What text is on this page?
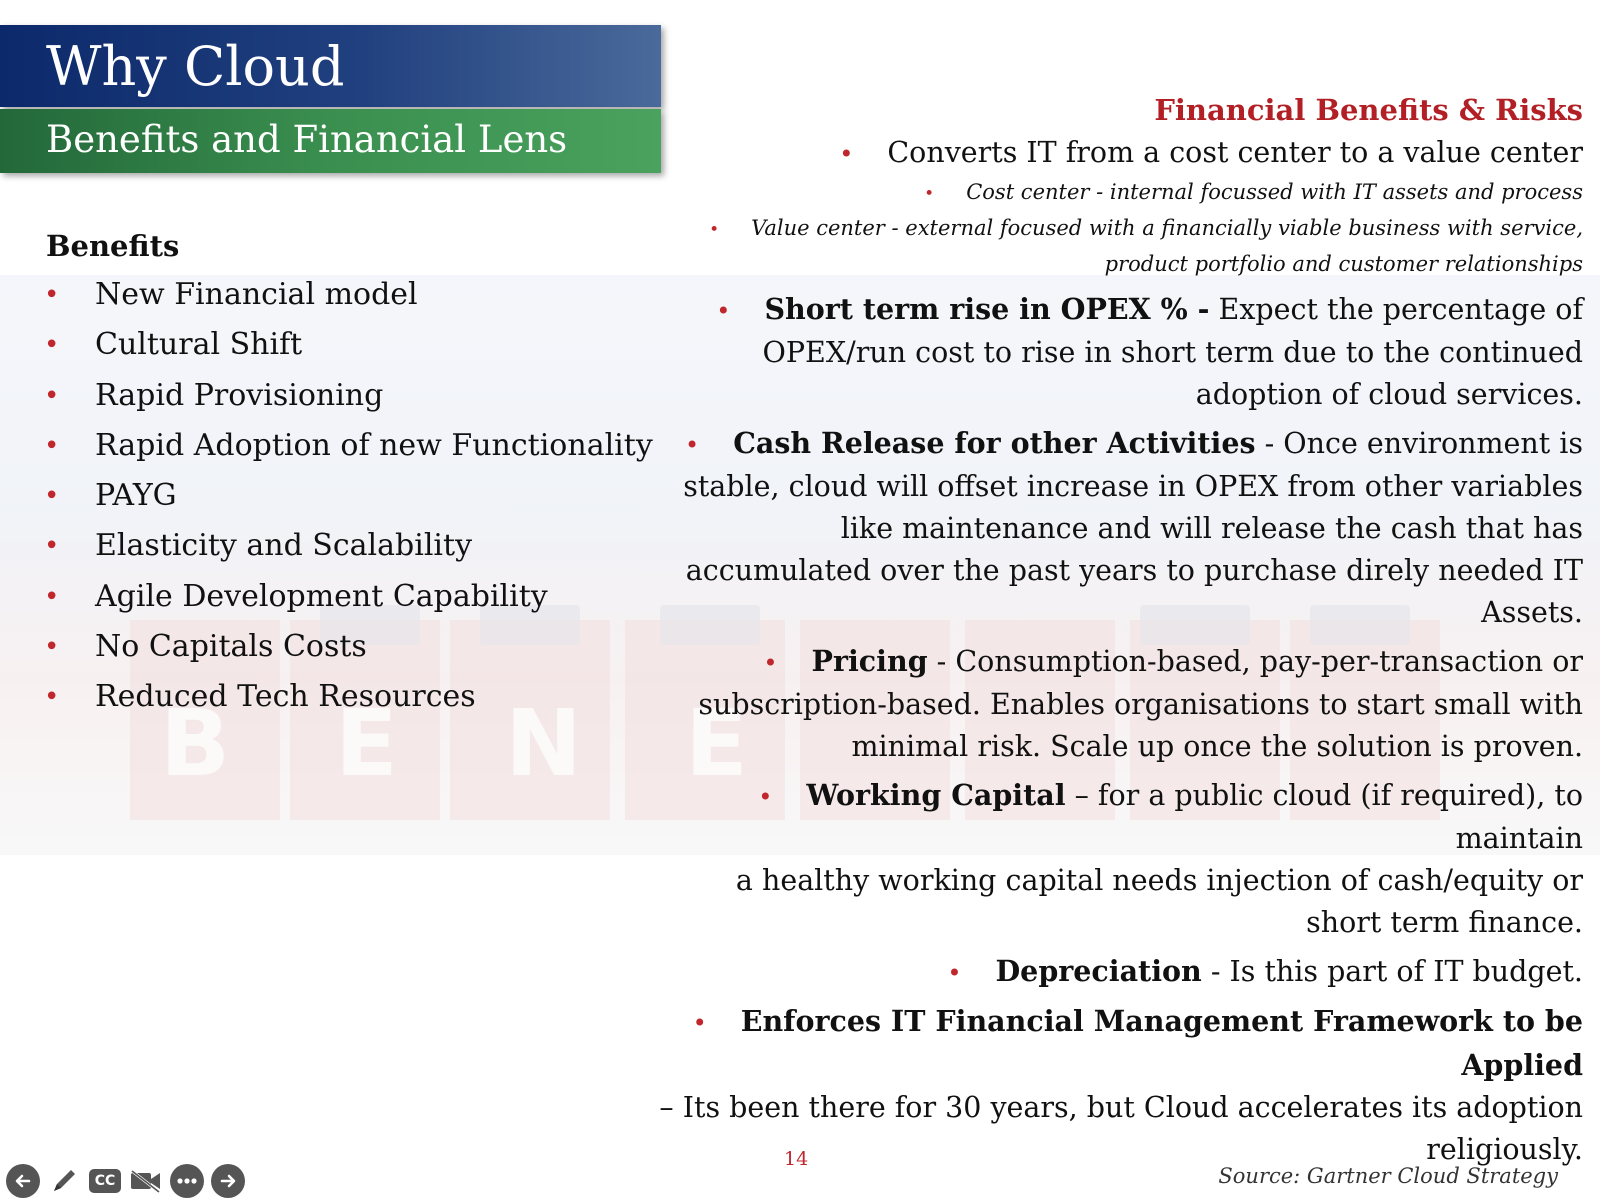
B E N E
Why Cloud
Benefits and Financial Lens
Benefits
• New Financial model
• Cultural Shift
• Rapid Provisioning
• Rapid Adoption of new Functionality
• PAYG
• Elasticity and Scalability
• Agile Development Capability
• No Capitals Costs
• Reduced Tech Resources
Financial Benefits & Risks

• Converts IT from a cost center to a value center

• Cost center - internal focussed with IT assets and process

• Value center - external focused with a financially viable business with service,
product portfolio and customer relationships

• Short term rise in OPEX % - Expect the percentage of
OPEX/run cost to rise in short term due to the continued
adoption of cloud services.

• Cash Release for other Activities - Once environment is
stable, cloud will offset increase in OPEX from other variables
like maintenance and will release the cash that has
accumulated over the past years to purchase direly needed IT
Assets.

• Pricing - Consumption-based, pay-per-transaction or
subscription-based. Enables organisations to start small with
minimal risk. Scale up once the solution is proven.

• Working Capital – for a public cloud (if required), to maintain
a healthy working capital needs injection of cash/equity or
short term finance.

• Depreciation - Is this part of IT budget.

• Enforces IT Financial Management Framework to be Applied
– Its been there for 30 years, but Cloud accelerates its adoption
religiously.

14
Source: Gartner Cloud Strategy
CC
